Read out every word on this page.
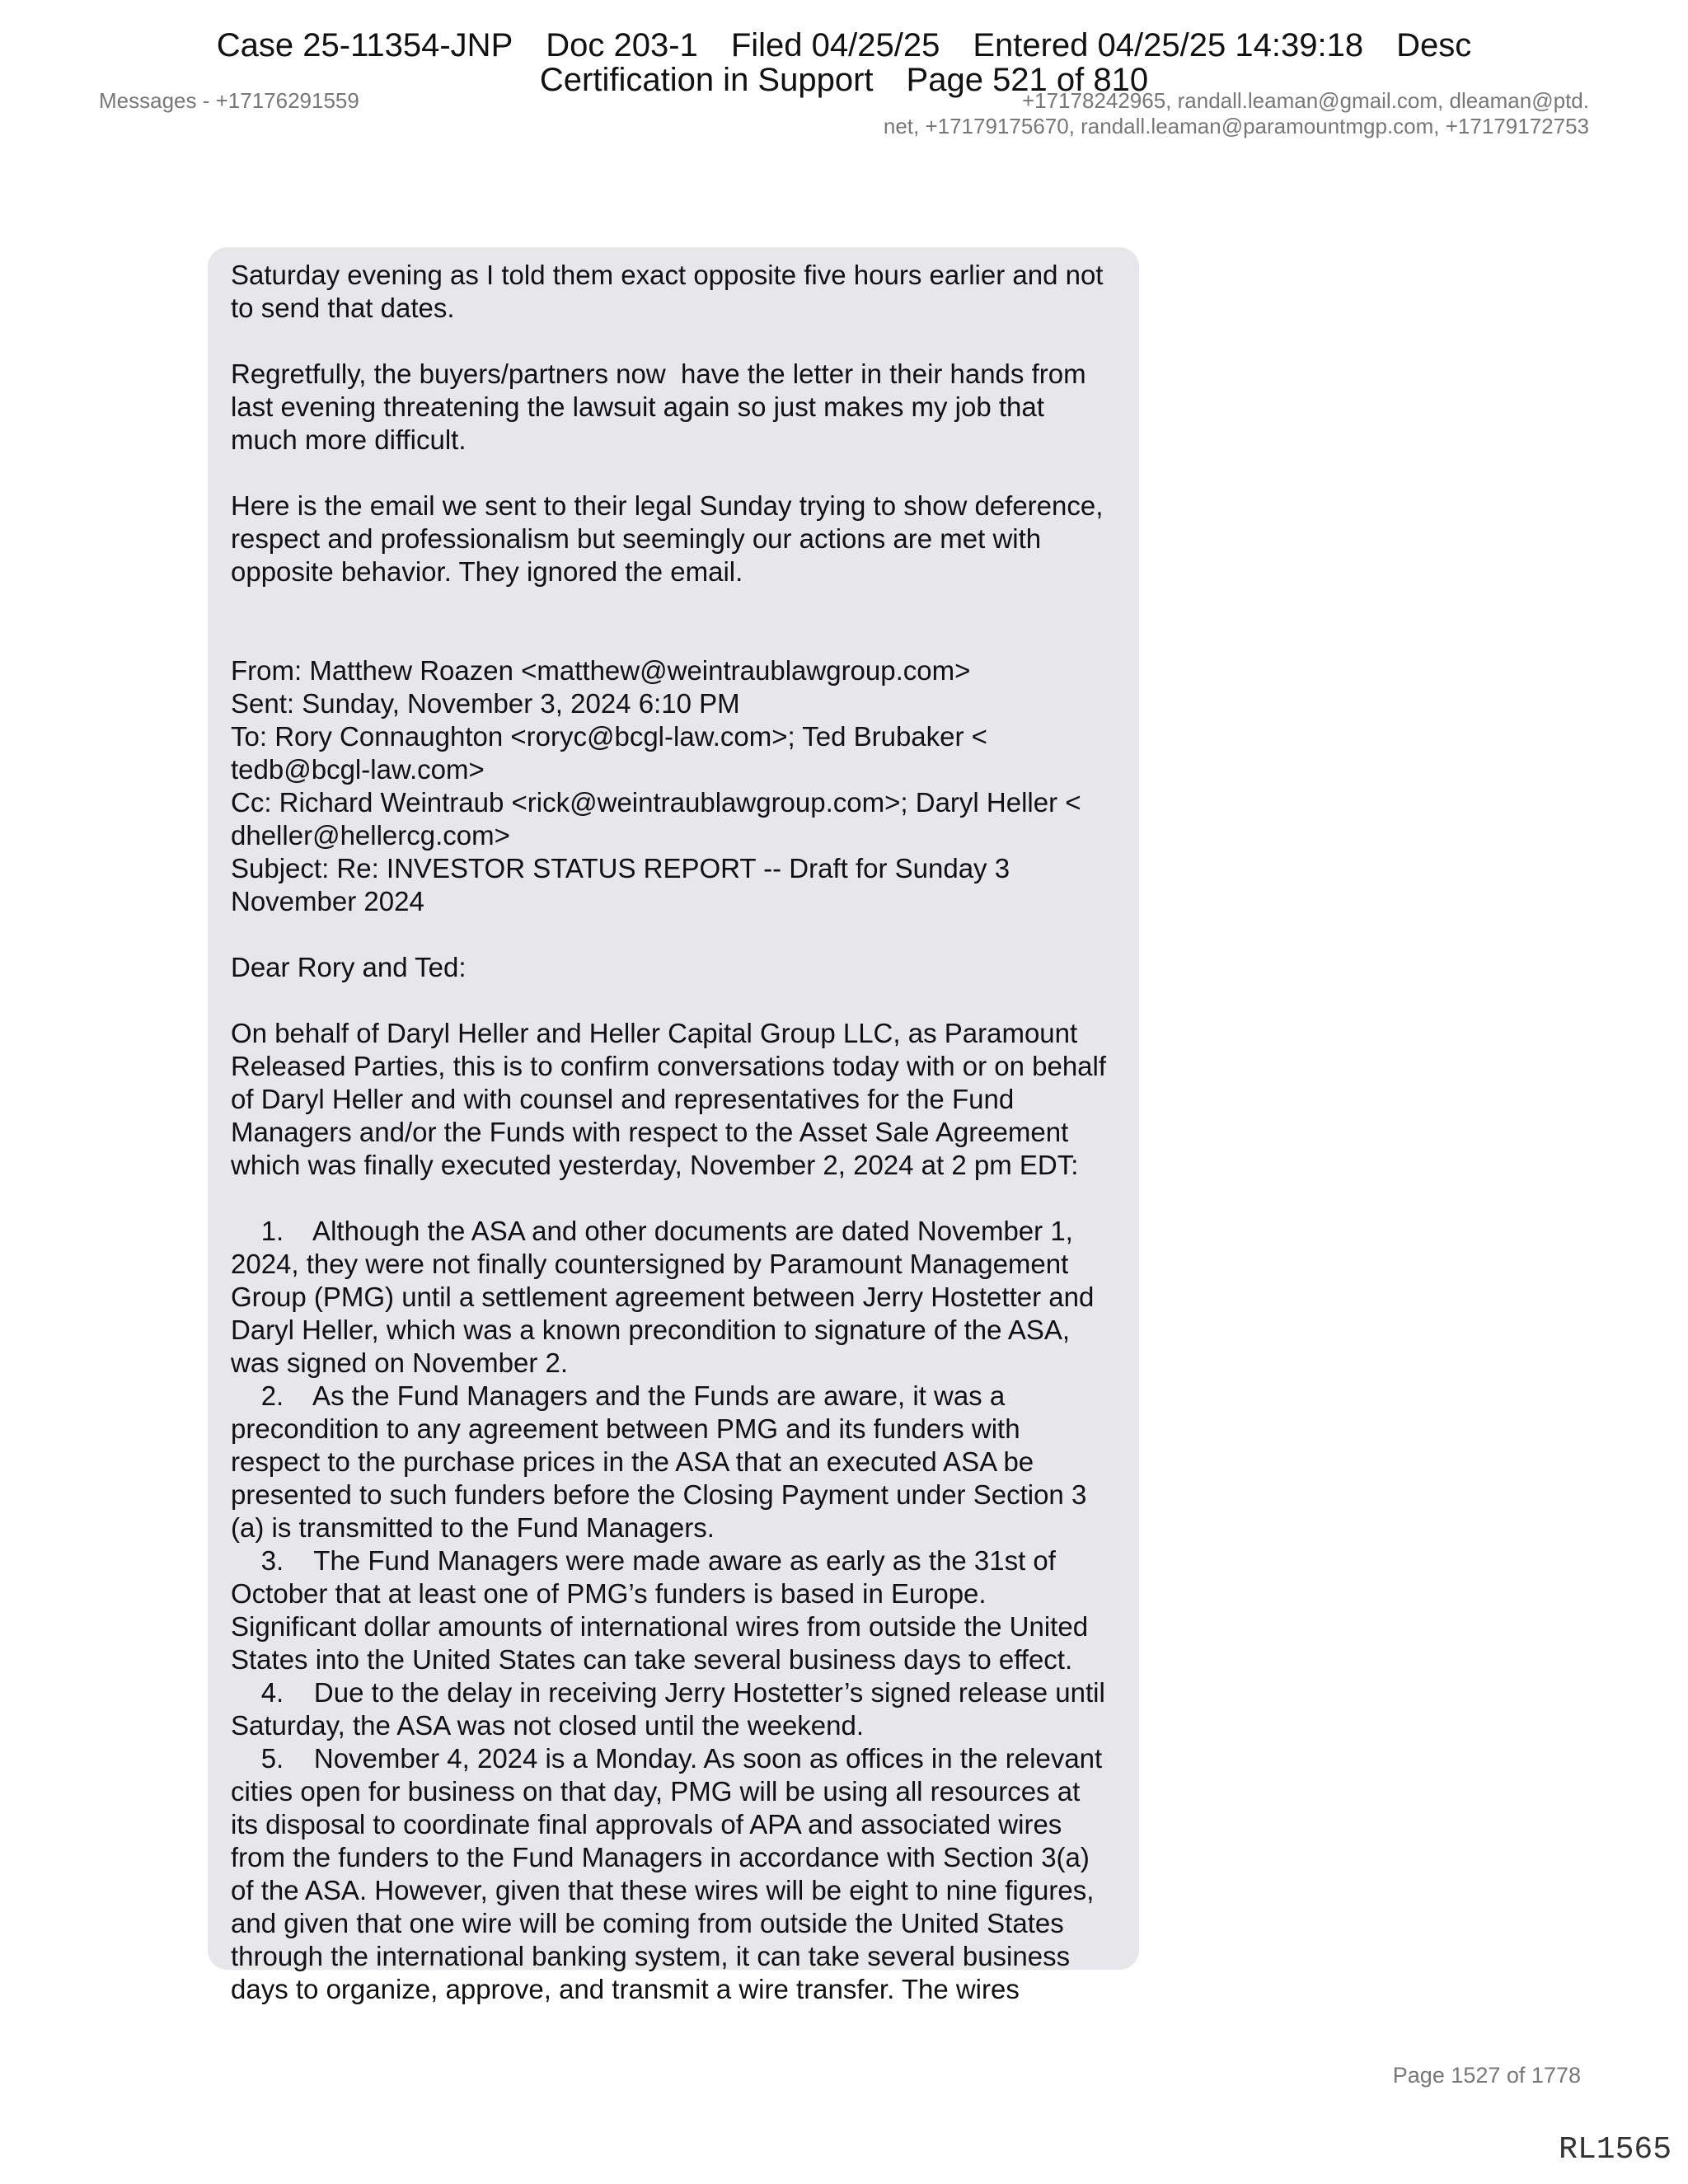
Case 25-11354-JNP Doc 203-1 Filed 04/25/25 Entered 04/25/25 14:39:18 Desc
Certification in Support Page 521 of 810
Messages - +17176291559	+17178242965, randall.leaman@gmail.com, dleaman@ptd.
net, +17179175670, randall.leaman@paramountmgp.com, +17179172753

Saturday evening as I told them exact opposite five hours earlier and not
to send that dates.

Regretfully, the buyers/partners now  have the letter in their hands from
last evening threatening the lawsuit again so just makes my job that
much more difficult.

Here is the email we sent to their legal Sunday trying to show deference,
respect and professionalism but seemingly our actions are met with
opposite behavior. They ignored the email.

From: Matthew Roazen <matthew@weintraublawgroup.com>
Sent: Sunday, November 3, 2024 6:10 PM
To: Rory Connaughton <roryc@bcgl-law.com>; Ted Brubaker <
tedb@bcgl-law.com>
Cc: Richard Weintraub <rick@weintraublawgroup.com>; Daryl Heller <
dheller@hellercg.com>
Subject: Re: INVESTOR STATUS REPORT -- Draft for Sunday 3
November 2024

Dear Rory and Ted:

On behalf of Daryl Heller and Heller Capital Group LLC, as Paramount
Released Parties, this is to confirm conversations today with or on behalf
of Daryl Heller and with counsel and representatives for the Fund
Managers and/or the Funds with respect to the Asset Sale Agreement
which was finally executed yesterday, November 2, 2024 at 2 pm EDT:

1.    Although the ASA and other documents are dated November 1,
2024, they were not finally countersigned by Paramount Management
Group (PMG) until a settlement agreement between Jerry Hostetter and
Daryl Heller, which was a known precondition to signature of the ASA,
was signed on November 2.

2.    As the Fund Managers and the Funds are aware, it was a
precondition to any agreement between PMG and its funders with
respect to the purchase prices in the ASA that an executed ASA be
presented to such funders before the Closing Payment under Section 3
(a) is transmitted to the Fund Managers.

3.    The Fund Managers were made aware as early as the 31st of
October that at least one of PMG’s funders is based in Europe.
Significant dollar amounts of international wires from outside the United
States into the United States can take several business days to effect.

4.    Due to the delay in receiving Jerry Hostetter’s signed release until
Saturday, the ASA was not closed until the weekend.

5.    November 4, 2024 is a Monday. As soon as offices in the relevant
cities open for business on that day, PMG will be using all resources at
its disposal to coordinate final approvals of APA and associated wires
from the funders to the Fund Managers in accordance with Section 3(a)
of the ASA. However, given that these wires will be eight to nine figures,
and given that one wire will be coming from outside the United States
through the international banking system, it can take several business
days to organize, approve, and transmit a wire transfer. The wires

Page 1527 of 1778
RL1565
